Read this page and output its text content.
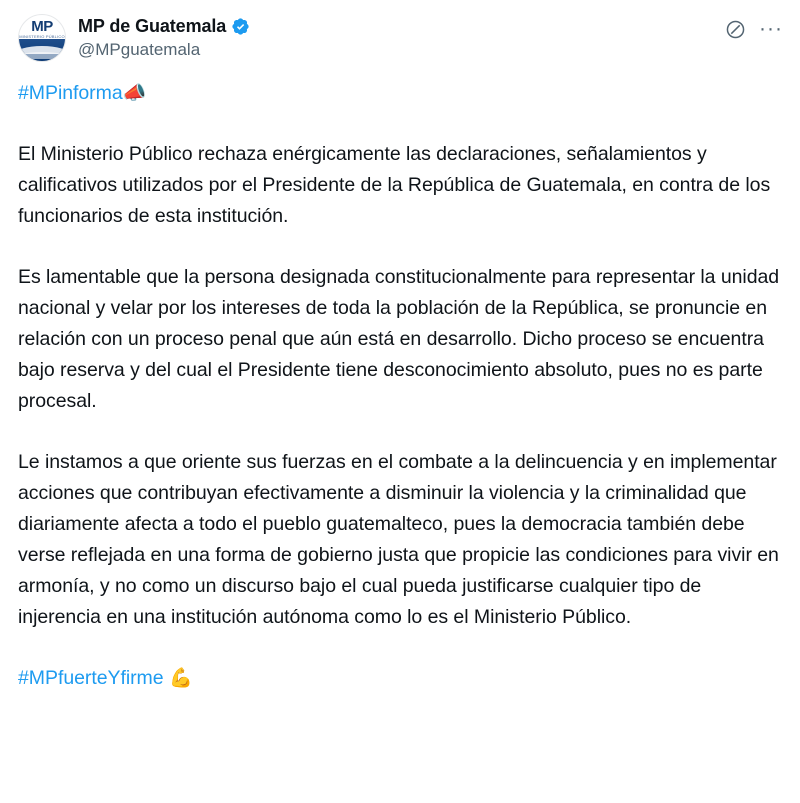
MP
MINISTERIO PÚBLICO
MP de Guatemala
@MPguatemala
···
#MPinforma📣

El Ministerio Público rechaza enérgicamente las declaraciones, señalamientos y calificativos utilizados por el Presidente de la República de Guatemala, en contra de los funcionarios de esta institución.

Es lamentable que la persona designada constitucionalmente para representar la unidad nacional y velar por los intereses de toda la población de la República, se pronuncie en relación con un proceso penal que aún está en desarrollo. Dicho proceso se encuentra bajo reserva y del cual el Presidente tiene desconocimiento absoluto, pues no es parte procesal.

Le instamos a que oriente sus fuerzas en el combate a la delincuencia y en implementar acciones que contribuyan efectivamente a disminuir la violencia y la criminalidad que diariamente afecta a todo el pueblo guatemalteco, pues la democracia también debe verse reflejada en una forma de gobierno justa que propicie las condiciones para vivir en armonía, y no como un discurso bajo el cual pueda justificarse cualquier tipo de injerencia en una institución autónoma como lo es el Ministerio Público.

#MPfuerteYfirme 💪
